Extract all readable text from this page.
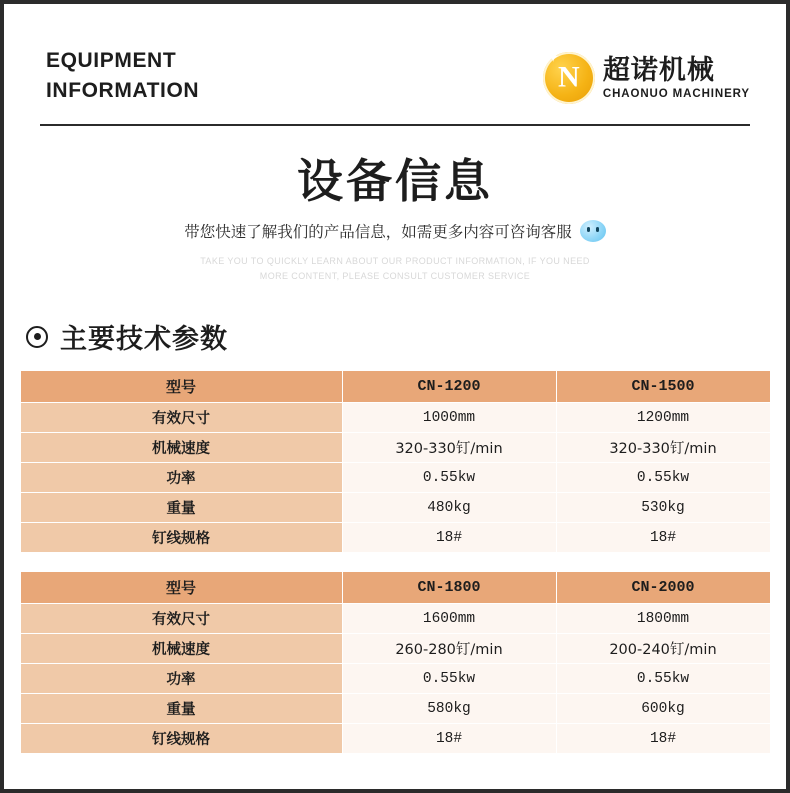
EQUIPMENT
INFORMATION
✦	✦
N 超诺机械
CHAONUO MACHINERY
设备信息
带您快速了解我们的产品信息，如需更多内容可咨询客服
TAKE YOU TO QUICKLY LEARN ABOUT OUR PRODUCT INFORMATION, IF YOU NEED
MORE CONTENT, PLEASE CONSULT CUSTOMER SERVICE
主要技术参数
型号	CN-1200	CN-1500
有效尺寸	1000mm	1200mm
机械速度	320-330钉/min	320-330钉/min
功率	0.55kw	0.55kw
重量	480kg	530kg
钉线规格	18#	18#
型号	CN-1800	CN-2000
有效尺寸	1600mm	1800mm
机械速度	260-280钉/min	200-240钉/min
功率	0.55kw	0.55kw
重量	580kg	600kg
钉线规格	18#	18#
